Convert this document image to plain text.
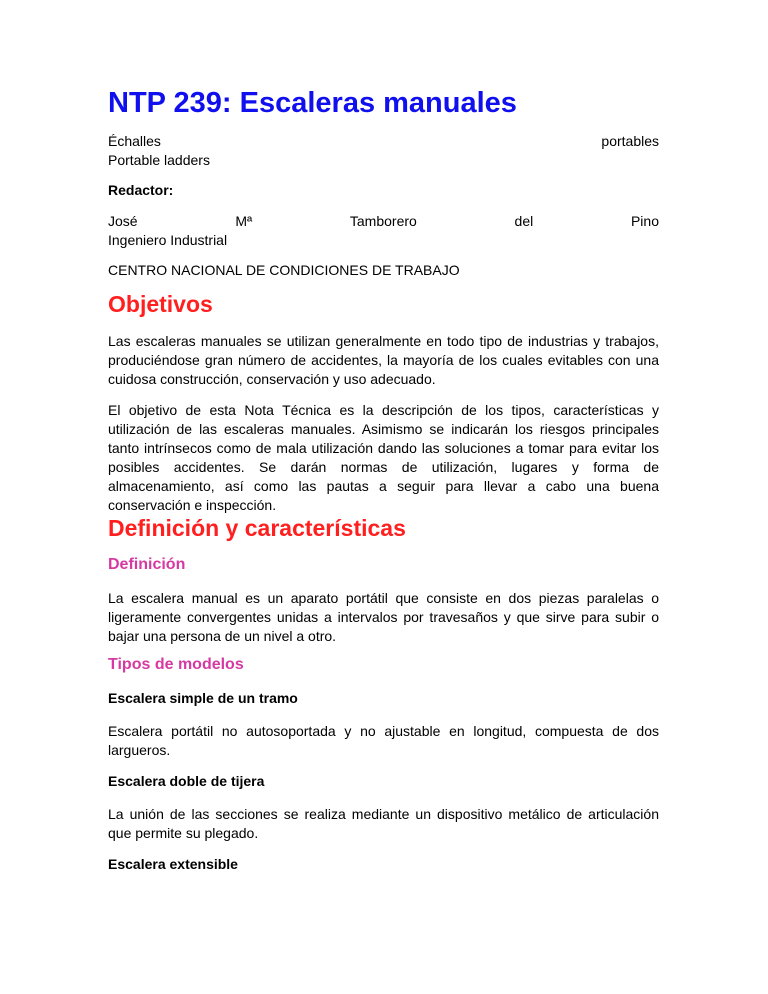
NTP 239: Escaleras manuales
Échalles	portables
Portable ladders
Redactor:
José	Mª	Tamborero	del	Pino
Ingeniero Industrial
CENTRO NACIONAL DE CONDICIONES DE TRABAJO
Objetivos

Las escaleras manuales se utilizan generalmente en todo tipo de industrias y trabajos, produciéndose gran número de accidentes, la mayoría de los cuales evitables con una cuidosa construcción, conservación y uso adecuado.

El objetivo de esta Nota Técnica es la descripción de los tipos, características y utilización de las escaleras manuales. Asimismo se indicarán los riesgos principales tanto intrínsecos como de mala utilización dando las soluciones a tomar para evitar los posibles accidentes. Se darán normas de utilización, lugares y forma de almacenamiento, así como las pautas a seguir para llevar a cabo una buena conservación e inspección.

Definición y características
Definición

La escalera manual es un aparato portátil que consiste en dos piezas paralelas o ligeramente convergentes unidas a intervalos por travesaños y que sirve para subir o bajar una persona de un nivel a otro.

Tipos de modelos
Escalera simple de un tramo

Escalera portátil no autosoportada y no ajustable en longitud, compuesta de dos largueros.

Escalera doble de tijera

La unión de las secciones se realiza mediante un dispositivo metálico de articulación que permite su plegado.

Escalera extensible
